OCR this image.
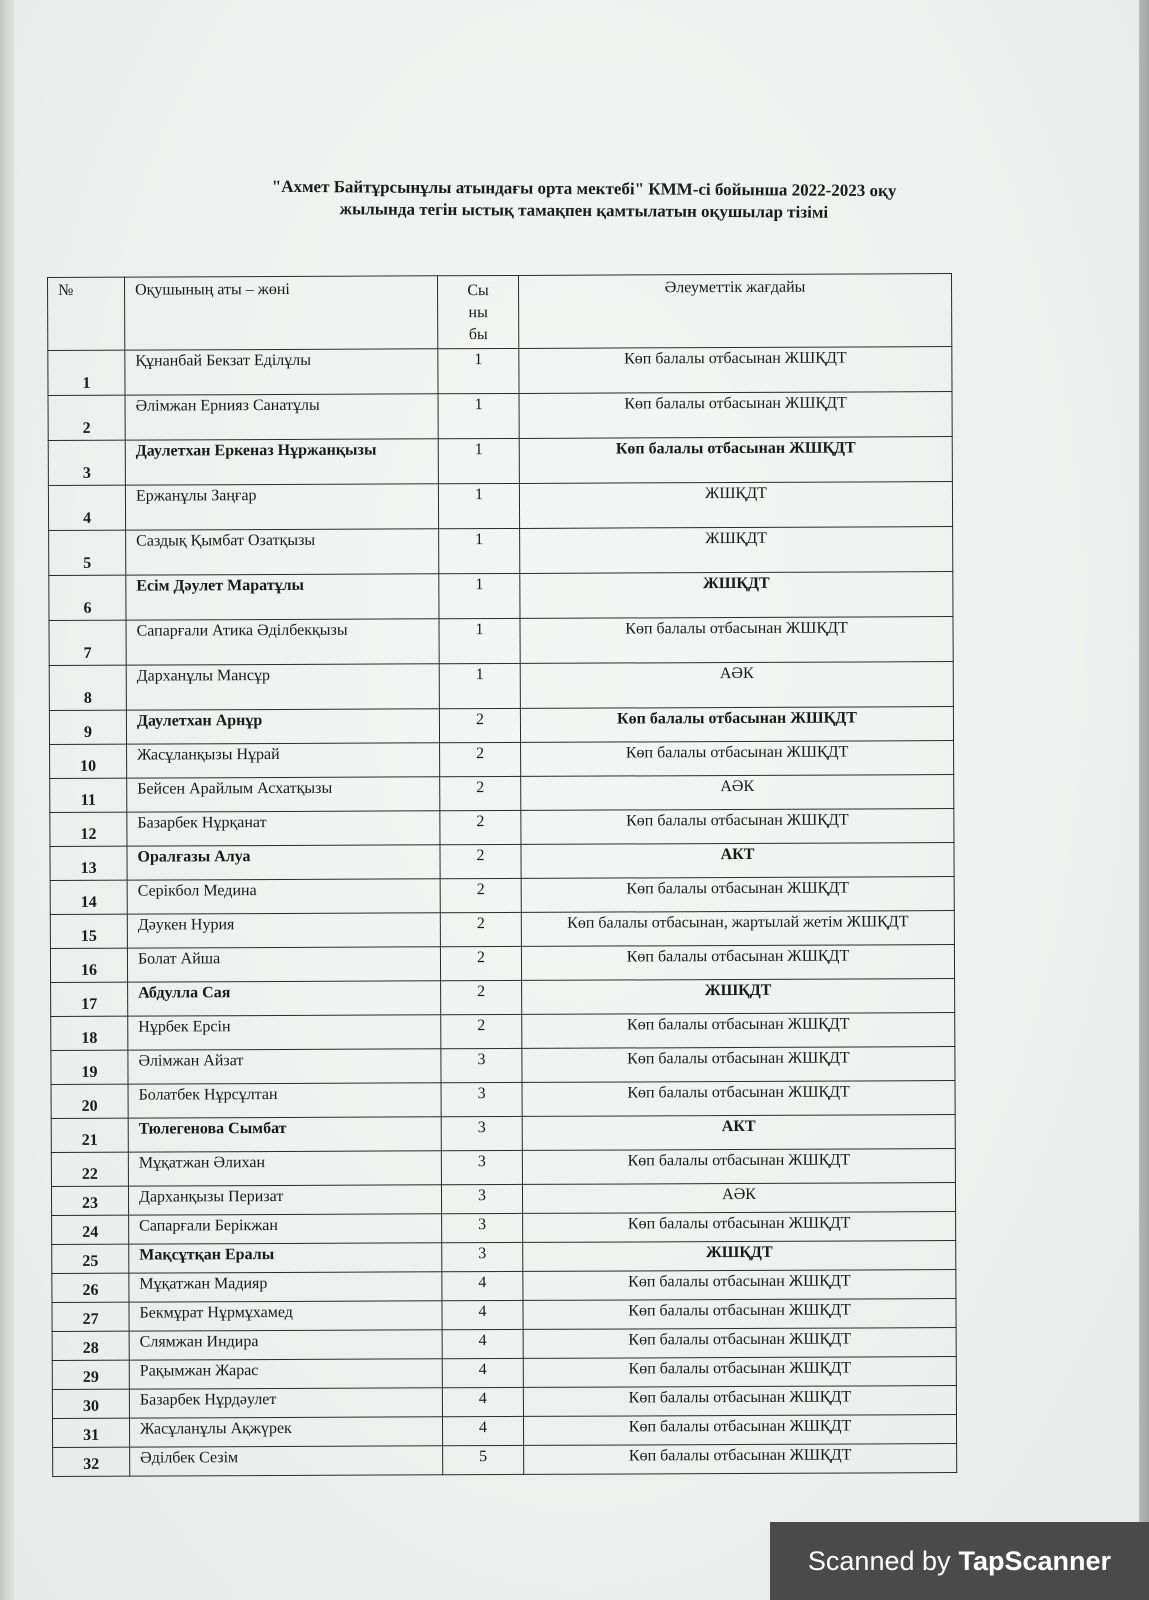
"Ахмет Байтұрсынұлы атындағы орта мектебі" КММ-сі бойынша 2022-2023 оқу
жылында тегін ыстық тамақпен қамтылатын оқушылар тізімі
№	Оқушының аты – жөні	Сы
ны
бы	Әлеуметтік жағдайы
1	Құнанбай Бекзат Еділұлы	1	Көп балалы отбасынан ЖШҚДТ
2	Әлімжан Ернияз Санатұлы	1	Көп балалы отбасынан ЖШҚДТ
3	Даулетхан Еркеназ Нұржанқызы	1	Көп балалы отбасынан ЖШҚДТ
4	Ержанұлы Заңғар	1	ЖШҚДТ
5	Саздық Қымбат Озатқызы	1	ЖШҚДТ
6	Есім Дәулет Маратұлы	1	ЖШҚДТ
7	Сапарғали Атика Әділбекқызы	1	Көп балалы отбасынан ЖШҚДТ
8	Дарханұлы Мансұр	1	АӘК
9	Даулетхан Арнұр	2	Көп балалы отбасынан ЖШҚДТ
10	Жасұланқызы Нұрай	2	Көп балалы отбасынан ЖШҚДТ
11	Бейсен Арайлым Асхатқызы	2	АӘК
12	Базарбек Нұрқанат	2	Көп балалы отбасынан ЖШҚДТ
13	Оралғазы Алуа	2	АКТ
14	Серікбол Медина	2	Көп балалы отбасынан ЖШҚДТ
15	Дәукен Нурия	2	Көп балалы отбасынан, жартылай жетім ЖШҚДТ
16	Болат Айша	2	Көп балалы отбасынан ЖШҚДТ
17	Абдулла Сая	2	ЖШҚДТ
18	Нұрбек Ерсін	2	Көп балалы отбасынан ЖШҚДТ
19	Әлімжан Айзат	3	Көп балалы отбасынан ЖШҚДТ
20	Болатбек Нұрсұлтан	3	Көп балалы отбасынан ЖШҚДТ
21	Тюлегенова Сымбат	3	АКТ
22	Мұқатжан Әлихан	3	Көп балалы отбасынан ЖШҚДТ
23	Дарханқызы Перизат	3	АӘК
24	Сапарғали Берікжан	3	Көп балалы отбасынан ЖШҚДТ
25	Мақсұтқан Ералы	3	ЖШҚДТ
26	Мұқатжан Мадияр	4	Көп балалы отбасынан ЖШҚДТ
27	Бекмұрат Нұрмұхамед	4	Көп балалы отбасынан ЖШҚДТ
28	Слямжан Индира	4	Көп балалы отбасынан ЖШҚДТ
29	Рақымжан Жарас	4	Көп балалы отбасынан ЖШҚДТ
30	Базарбек Нұрдәулет	4	Көп балалы отбасынан ЖШҚДТ
31	Жасұланұлы Ақжүрек	4	Көп балалы отбасынан ЖШҚДТ
32	Әділбек Сезім	5	Көп балалы отбасынан ЖШҚДТ
Scanned by TapScanner
